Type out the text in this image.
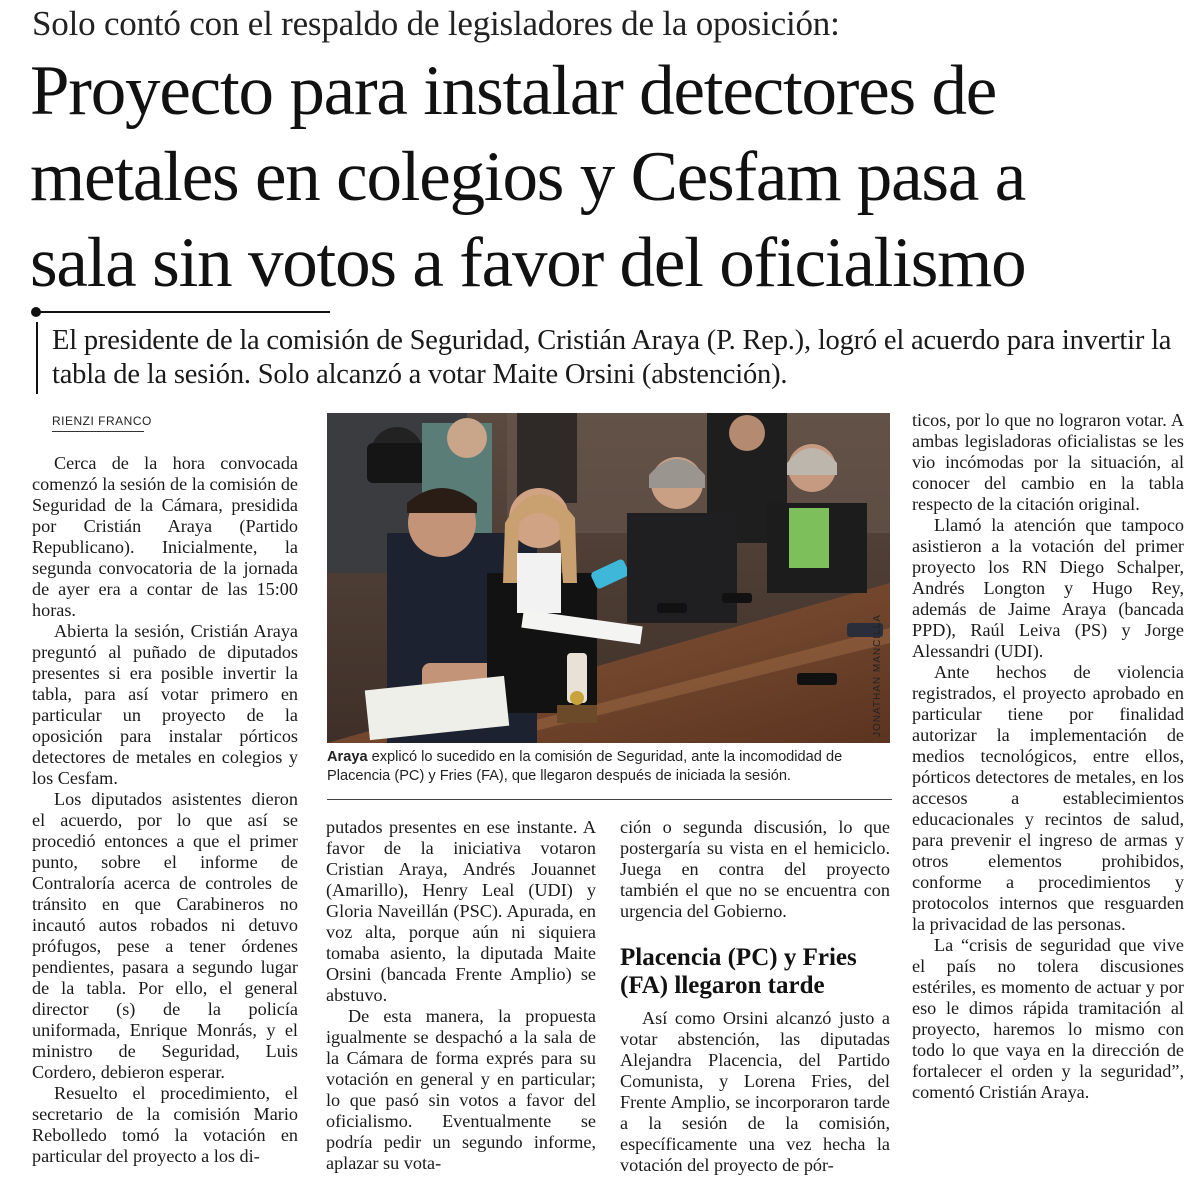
Solo contó con el respaldo de legisladores de la oposición:
Proyecto para instalar detectores de
metales en colegios y Cesfam pasa a
sala sin votos a favor del oficialismo
El presidente de la comisión de Seguridad, Cristián Araya (P. Rep.), logró el acuerdo para invertir la tabla de la sesión. Solo alcanzó a votar Maite Orsini (abstención).
RIENZI FRANCO

Cerca de la hora convocada comenzó la sesión de la comisión de Seguridad de la Cámara, presidida por Cristián Araya (Partido Republicano). Inicialmente, la segunda convocatoria de la jornada de ayer era a contar de las 15:00 horas.

Abierta la sesión, Cristián Araya preguntó al puñado de diputados presentes si era posible invertir la tabla, para así votar primero en particular un proyecto de la oposición para instalar pórticos detectores de metales en colegios y los Cesfam.

Los diputados asistentes dieron el acuerdo, por lo que así se procedió entonces a que el primer punto, sobre el informe de Contraloría acerca de controles de tránsito en que Carabineros no incautó autos robados ni detuvo prófugos, pese a tener órdenes pendientes, pasara a segundo lugar de la tabla. Por ello, el general director (s) de la policía uniformada, Enrique Monrás, y el ministro de Seguridad, Luis Cordero, debieron esperar.

Resuelto el procedimiento, el secretario de la comisión Mario Rebolledo tomó la votación en particular del proyecto a los di-

JONATHAN MANCILLA
Araya explicó lo sucedido en la comisión de Seguridad, ante la incomodidad de Placencia (PC) y Fries (FA), que llegaron después de iniciada la sesión.

putados presentes en ese instante. A favor de la iniciativa votaron Cristian Araya, Andrés Jouannet (Amarillo), Henry Leal (UDI) y Gloria Naveillán (PSC). Apurada, en voz alta, porque aún ni siquiera tomaba asiento, la diputada Maite Orsini (bancada Frente Amplio) se abstuvo.

De esta manera, la propuesta igualmente se despachó a la sala de la Cámara de forma exprés para su votación en general y en particular; lo que pasó sin votos a favor del oficialismo. Eventualmente se podría pedir un segundo informe, aplazar su vota-

ción o segunda discusión, lo que postergaría su vista en el hemiciclo. Juega en contra del proyecto también el que no se encuentra con urgencia del Gobierno.

Placencia (PC) y Fries (FA) llegaron tarde

Así como Orsini alcanzó justo a votar abstención, las diputadas Alejandra Placencia, del Partido Comunista, y Lorena Fries, del Frente Amplio, se incorporaron tarde a la sesión de la comisión, específicamente una vez hecha la votación del proyecto de pór-

ticos, por lo que no lograron votar. A ambas legisladoras oficialistas se les vio incómodas por la situación, al conocer del cambio en la tabla respecto de la citación original.

Llamó la atención que tampoco asistieron a la votación del primer proyecto los RN Diego Schalper, Andrés Longton y Hugo Rey, además de Jaime Araya (bancada PPD), Raúl Leiva (PS) y Jorge Alessandri (UDI).

Ante hechos de violencia registrados, el proyecto aprobado en particular tiene por finalidad autorizar la implementación de medios tecnológicos, entre ellos, pórticos detectores de metales, en los accesos a establecimientos educacionales y recintos de salud, para prevenir el ingreso de armas y otros elementos prohibidos, conforme a procedimientos y protocolos internos que resguarden la privacidad de las personas.

La “crisis de seguridad que vive el país no tolera discusiones estériles, es momento de actuar y por eso le dimos rápida tramitación al proyecto, haremos lo mismo con todo lo que vaya en la dirección de fortalecer el orden y la seguridad”, comentó Cristián Araya.
